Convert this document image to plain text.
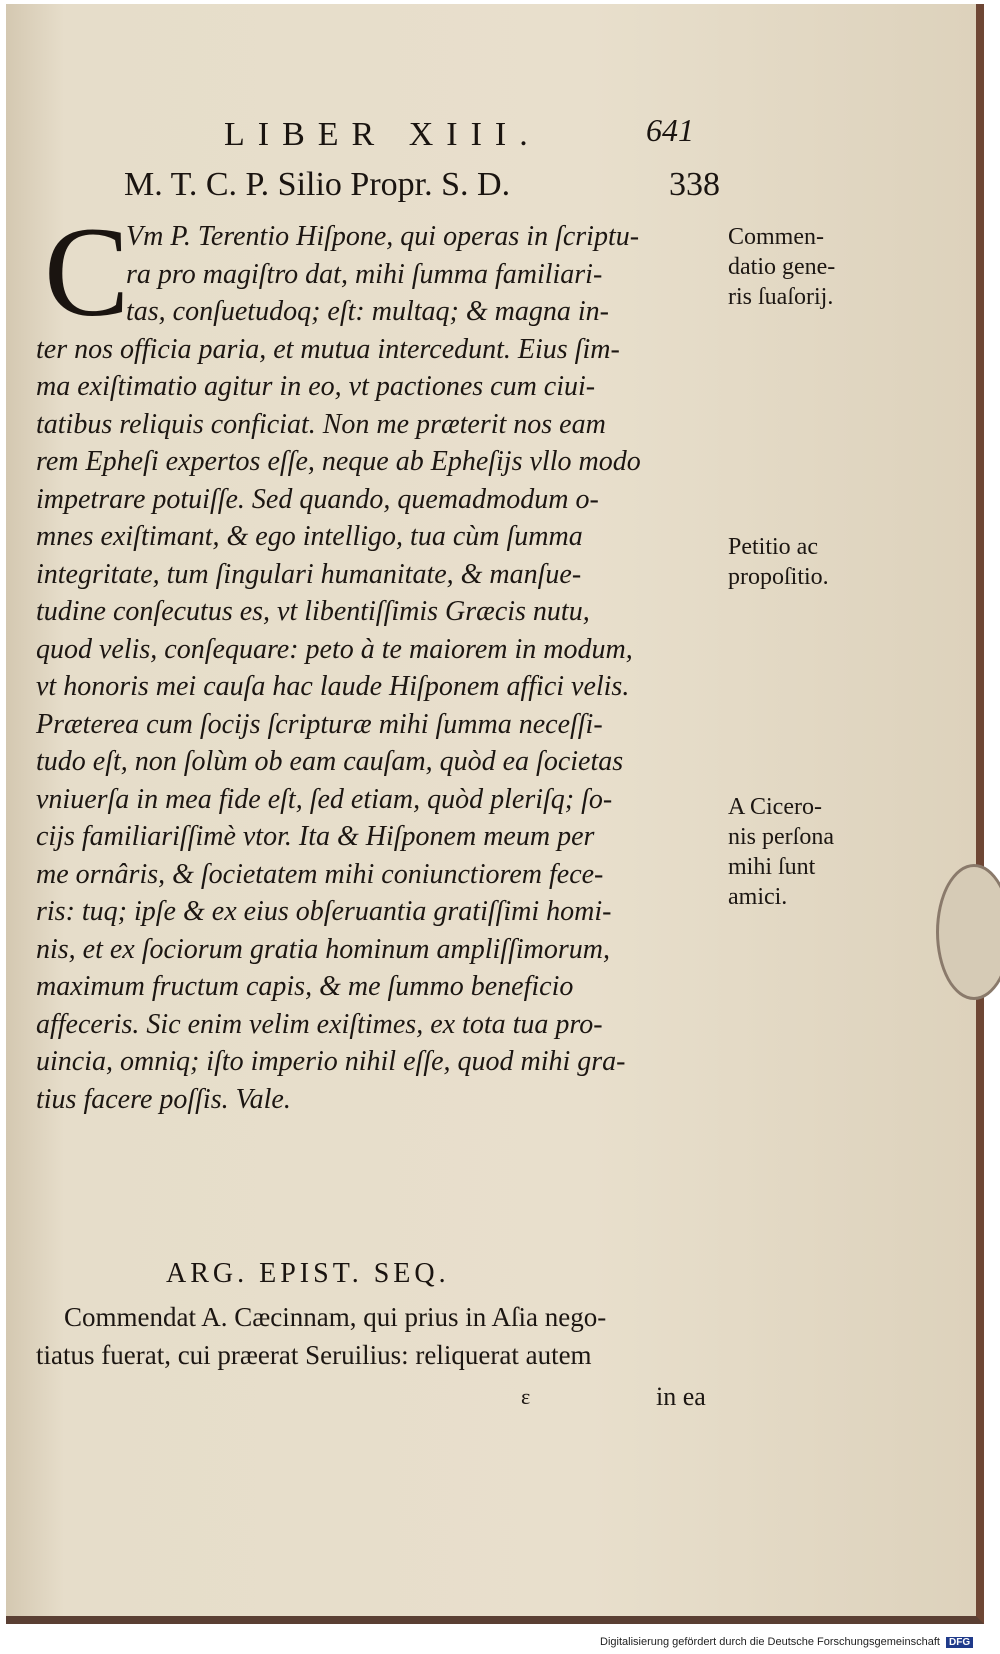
LIBER XIII.	641
M. T. C. P. Silio Propr. S. D.	338
C
Vm P. Terentio Hiſpone, qui operas in ſcriptu-
ra pro magiſtro dat, mihi ſumma familiari-
tas, conſuetudoq; eſt: multaq; & magna in-
ter nos officia paria, et mutua intercedunt. Eius ſim-
ma exiſtimatio agitur in eo, vt pactiones cum ciui-
tatibus reliquis conficiat. Non me præterit nos eam
rem Epheſi expertos eſſe, neque ab Epheſijs vllo modo
impetrare potuiſſe. Sed quando, quemadmodum o-
mnes exiſtimant, & ego intelligo, tua cùm ſumma
integritate, tum ſingulari humanitate, & manſue-
tudine conſecutus es, vt libentiſſimis Græcis nutu,
quod velis, conſequare: peto à te maiorem in modum,
vt honoris mei cauſa hac laude Hiſponem affici velis.
Præterea cum ſocijs ſcripturæ mihi ſumma neceſſi-
tudo eſt, non ſolùm ob eam cauſam, quòd ea ſocietas
vniuerſa in mea fide eſt, ſed etiam, quòd pleriſq; ſo-
cijs familiariſſimè vtor. Ita & Hiſponem meum per
me ornâris, & ſocietatem mihi coniunctiorem fece-
ris: tuq; ipſe & ex eius obſeruantia gratiſſimi homi-
nis, et ex ſociorum gratia hominum ampliſſimorum,
maximum fructum capis, & me ſummo beneficio
affeceris. Sic enim velim exiſtimes, ex tota tua pro-
uincia, omniq; iſto imperio nihil eſſe, quod mihi gra-
tius facere poſſis. Vale.
Commen-
datio gene-
ris ſuaſorij.
Petitio ac
propoſitio.
A Cicero-
nis perſona
mihi ſunt
amici.
ARG. EPIST. SEQ.
Commendat A. Cæcinnam, qui prius in Aſia nego-
tiatus fuerat, cui præerat Seruilius: reliquerat autem
ɛ	in ea
Digitalisierung gefördert durch die Deutsche Forschungsgemeinschaft DFG
